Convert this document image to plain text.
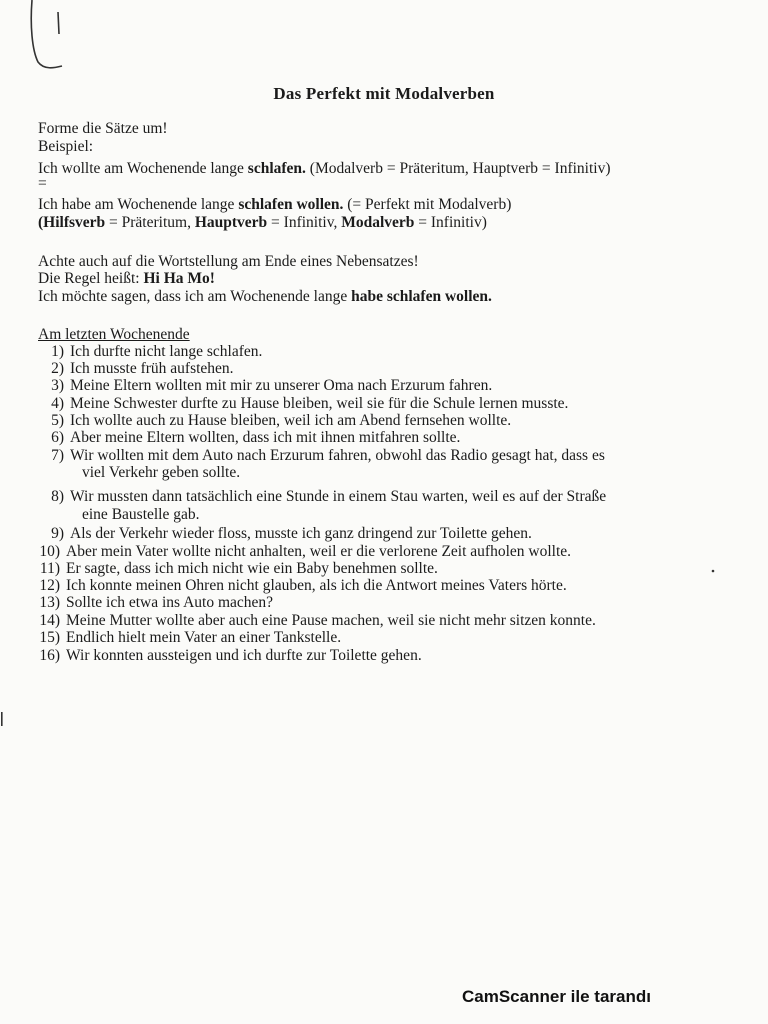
Das Perfekt mit Modalverben
Forme die Sätze um!
Beispiel:
Ich wollte am Wochenende lange schlafen. (Modalverb = Präteritum, Hauptverb = Infinitiv)
=
Ich habe am Wochenende lange schlafen wollen. (= Perfekt mit Modalverb)
(Hilfsverb = Präteritum, Hauptverb = Infinitiv, Modalverb = Infinitiv)
Achte auch auf die Wortstellung am Ende eines Nebensatzes!
Die Regel heißt: Hi Ha Mo!
Ich möchte sagen, dass ich am Wochenende lange habe schlafen wollen.
Am letzten Wochenende
1) Ich durfte nicht lange schlafen.
2) Ich musste früh aufstehen.
3) Meine Eltern wollten mit mir zu unserer Oma nach Erzurum fahren.
4) Meine Schwester durfte zu Hause bleiben, weil sie für die Schule lernen musste.
5) Ich wollte auch zu Hause bleiben, weil ich am Abend fernsehen wollte.
6) Aber meine Eltern wollten, dass ich mit ihnen mitfahren sollte.
7) Wir wollten mit dem Auto nach Erzurum fahren, obwohl das Radio gesagt hat, dass es
viel Verkehr geben sollte.
8) Wir mussten dann tatsächlich eine Stunde in einem Stau warten, weil es auf der Straße
eine Baustelle gab.
9) Als der Verkehr wieder floss, musste ich ganz dringend zur Toilette gehen.
10) Aber mein Vater wollte nicht anhalten, weil er die verlorene Zeit aufholen wollte.
11) Er sagte, dass ich mich nicht wie ein Baby benehmen sollte.
12) Ich konnte meinen Ohren nicht glauben, als ich die Antwort meines Vaters hörte.
13) Sollte ich etwa ins Auto machen?
14) Meine Mutter wollte aber auch eine Pause machen, weil sie nicht mehr sitzen konnte.
15) Endlich hielt mein Vater an einer Tankstelle.
16) Wir konnten aussteigen und ich durfte zur Toilette gehen.
CamScanner ile tarandı
